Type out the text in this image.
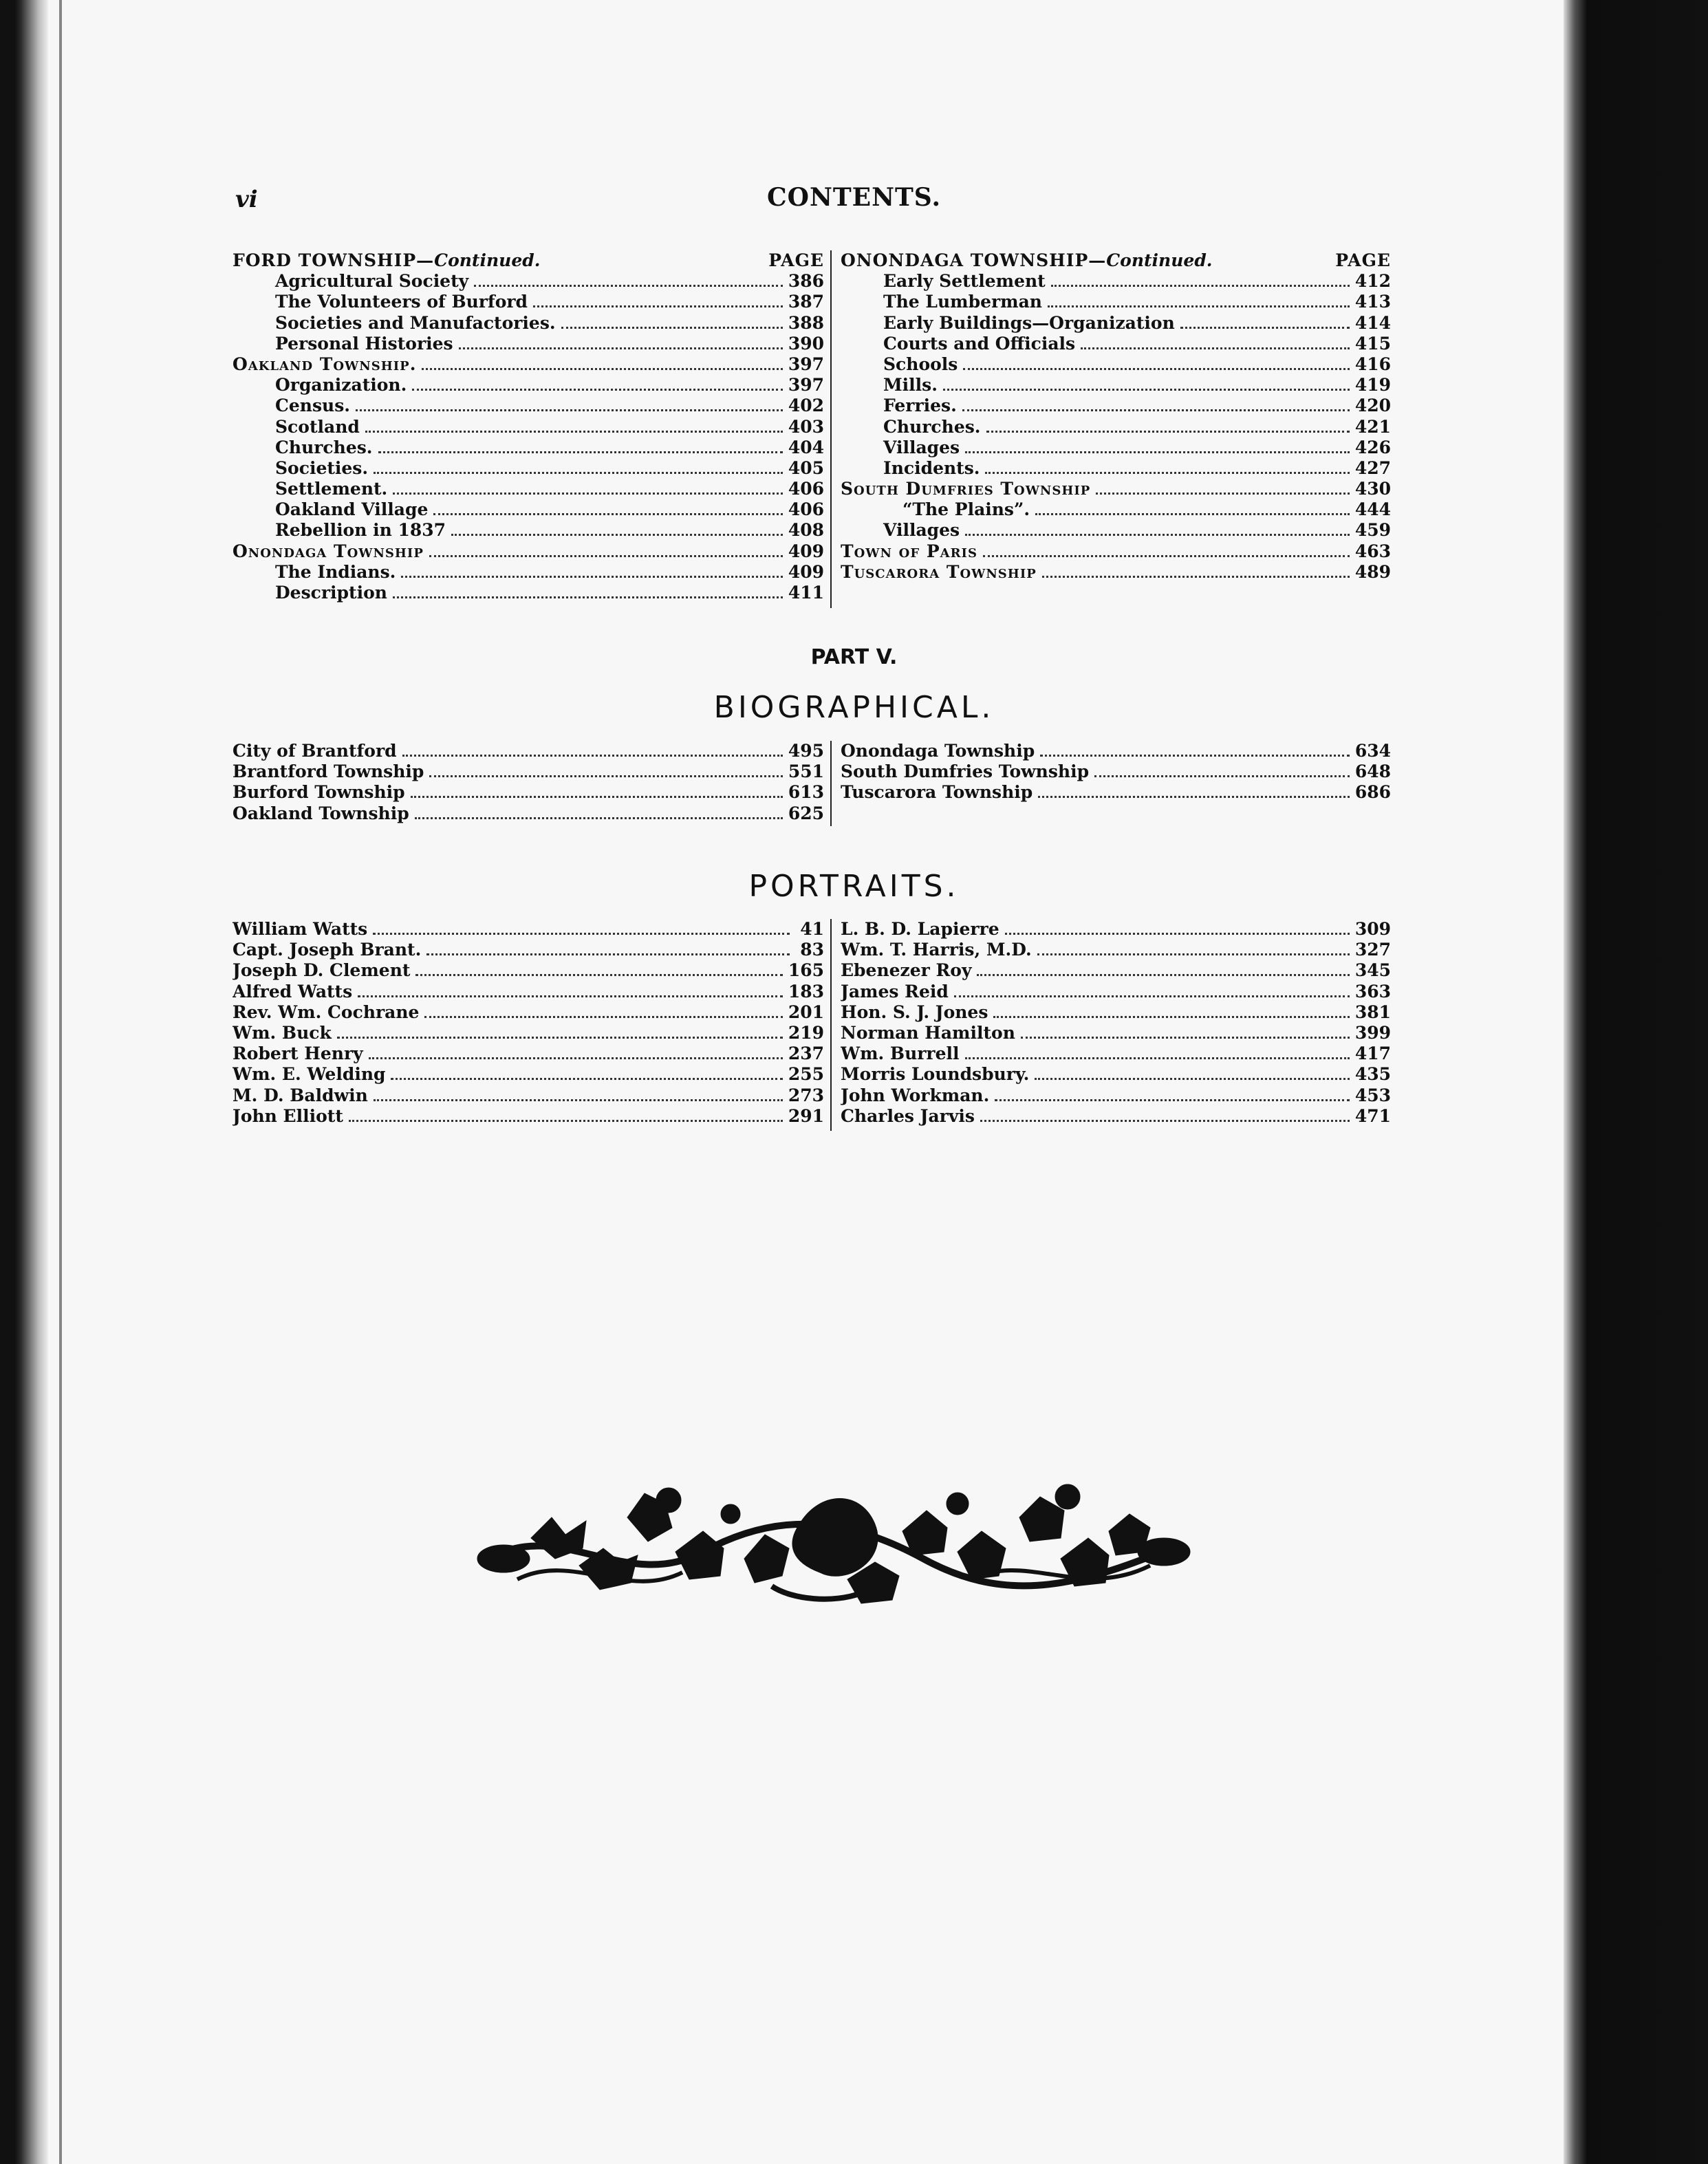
vi	CONTENTS.
FORD TOWNSHIP—Continued.	PAGE
Agricultural Society	386
The Volunteers of Burford	387
Societies and Manufactories.	388
Personal Histories	390
Oakland Township.	397
Organization.	397
Census.	402
Scotland	403
Churches.	404
Societies.	405
Settlement.	406
Oakland Village	406
Rebellion in 1837	408
Onondaga Township	409
The Indians.	409
Description	411
ONONDAGA TOWNSHIP—Continued.	PAGE
Early Settlement	412
The Lumberman	413
Early Buildings—Organization	414
Courts and Officials	415
Schools	416
Mills.	419
Ferries.	420
Churches.	421
Villages	426
Incidents.	427
South Dumfries Township	430
“The Plains”.	444
Villages	459
Town of Paris	463
Tuscarora Township	489
PART V.
BIOGRAPHICAL.
City of Brantford	495
Brantford Township	551
Burford Township	613
Oakland Township	625
Onondaga Township	634
South Dumfries Township	648
Tuscarora Township	686
PORTRAITS.
William Watts	41
Capt. Joseph Brant.	83
Joseph D. Clement	165
Alfred Watts	183
Rev. Wm. Cochrane	201
Wm. Buck	219
Robert Henry	237
Wm. E. Welding	255
M. D. Baldwin	273
John Elliott	291
L. B. D. Lapierre	309
Wm. T. Harris, M.D.	327
Ebenezer Roy	345
James Reid	363
Hon. S. J. Jones	381
Norman Hamilton	399
Wm. Burrell	417
Morris Loundsbury.	435
John Workman.	453
Charles Jarvis	471
